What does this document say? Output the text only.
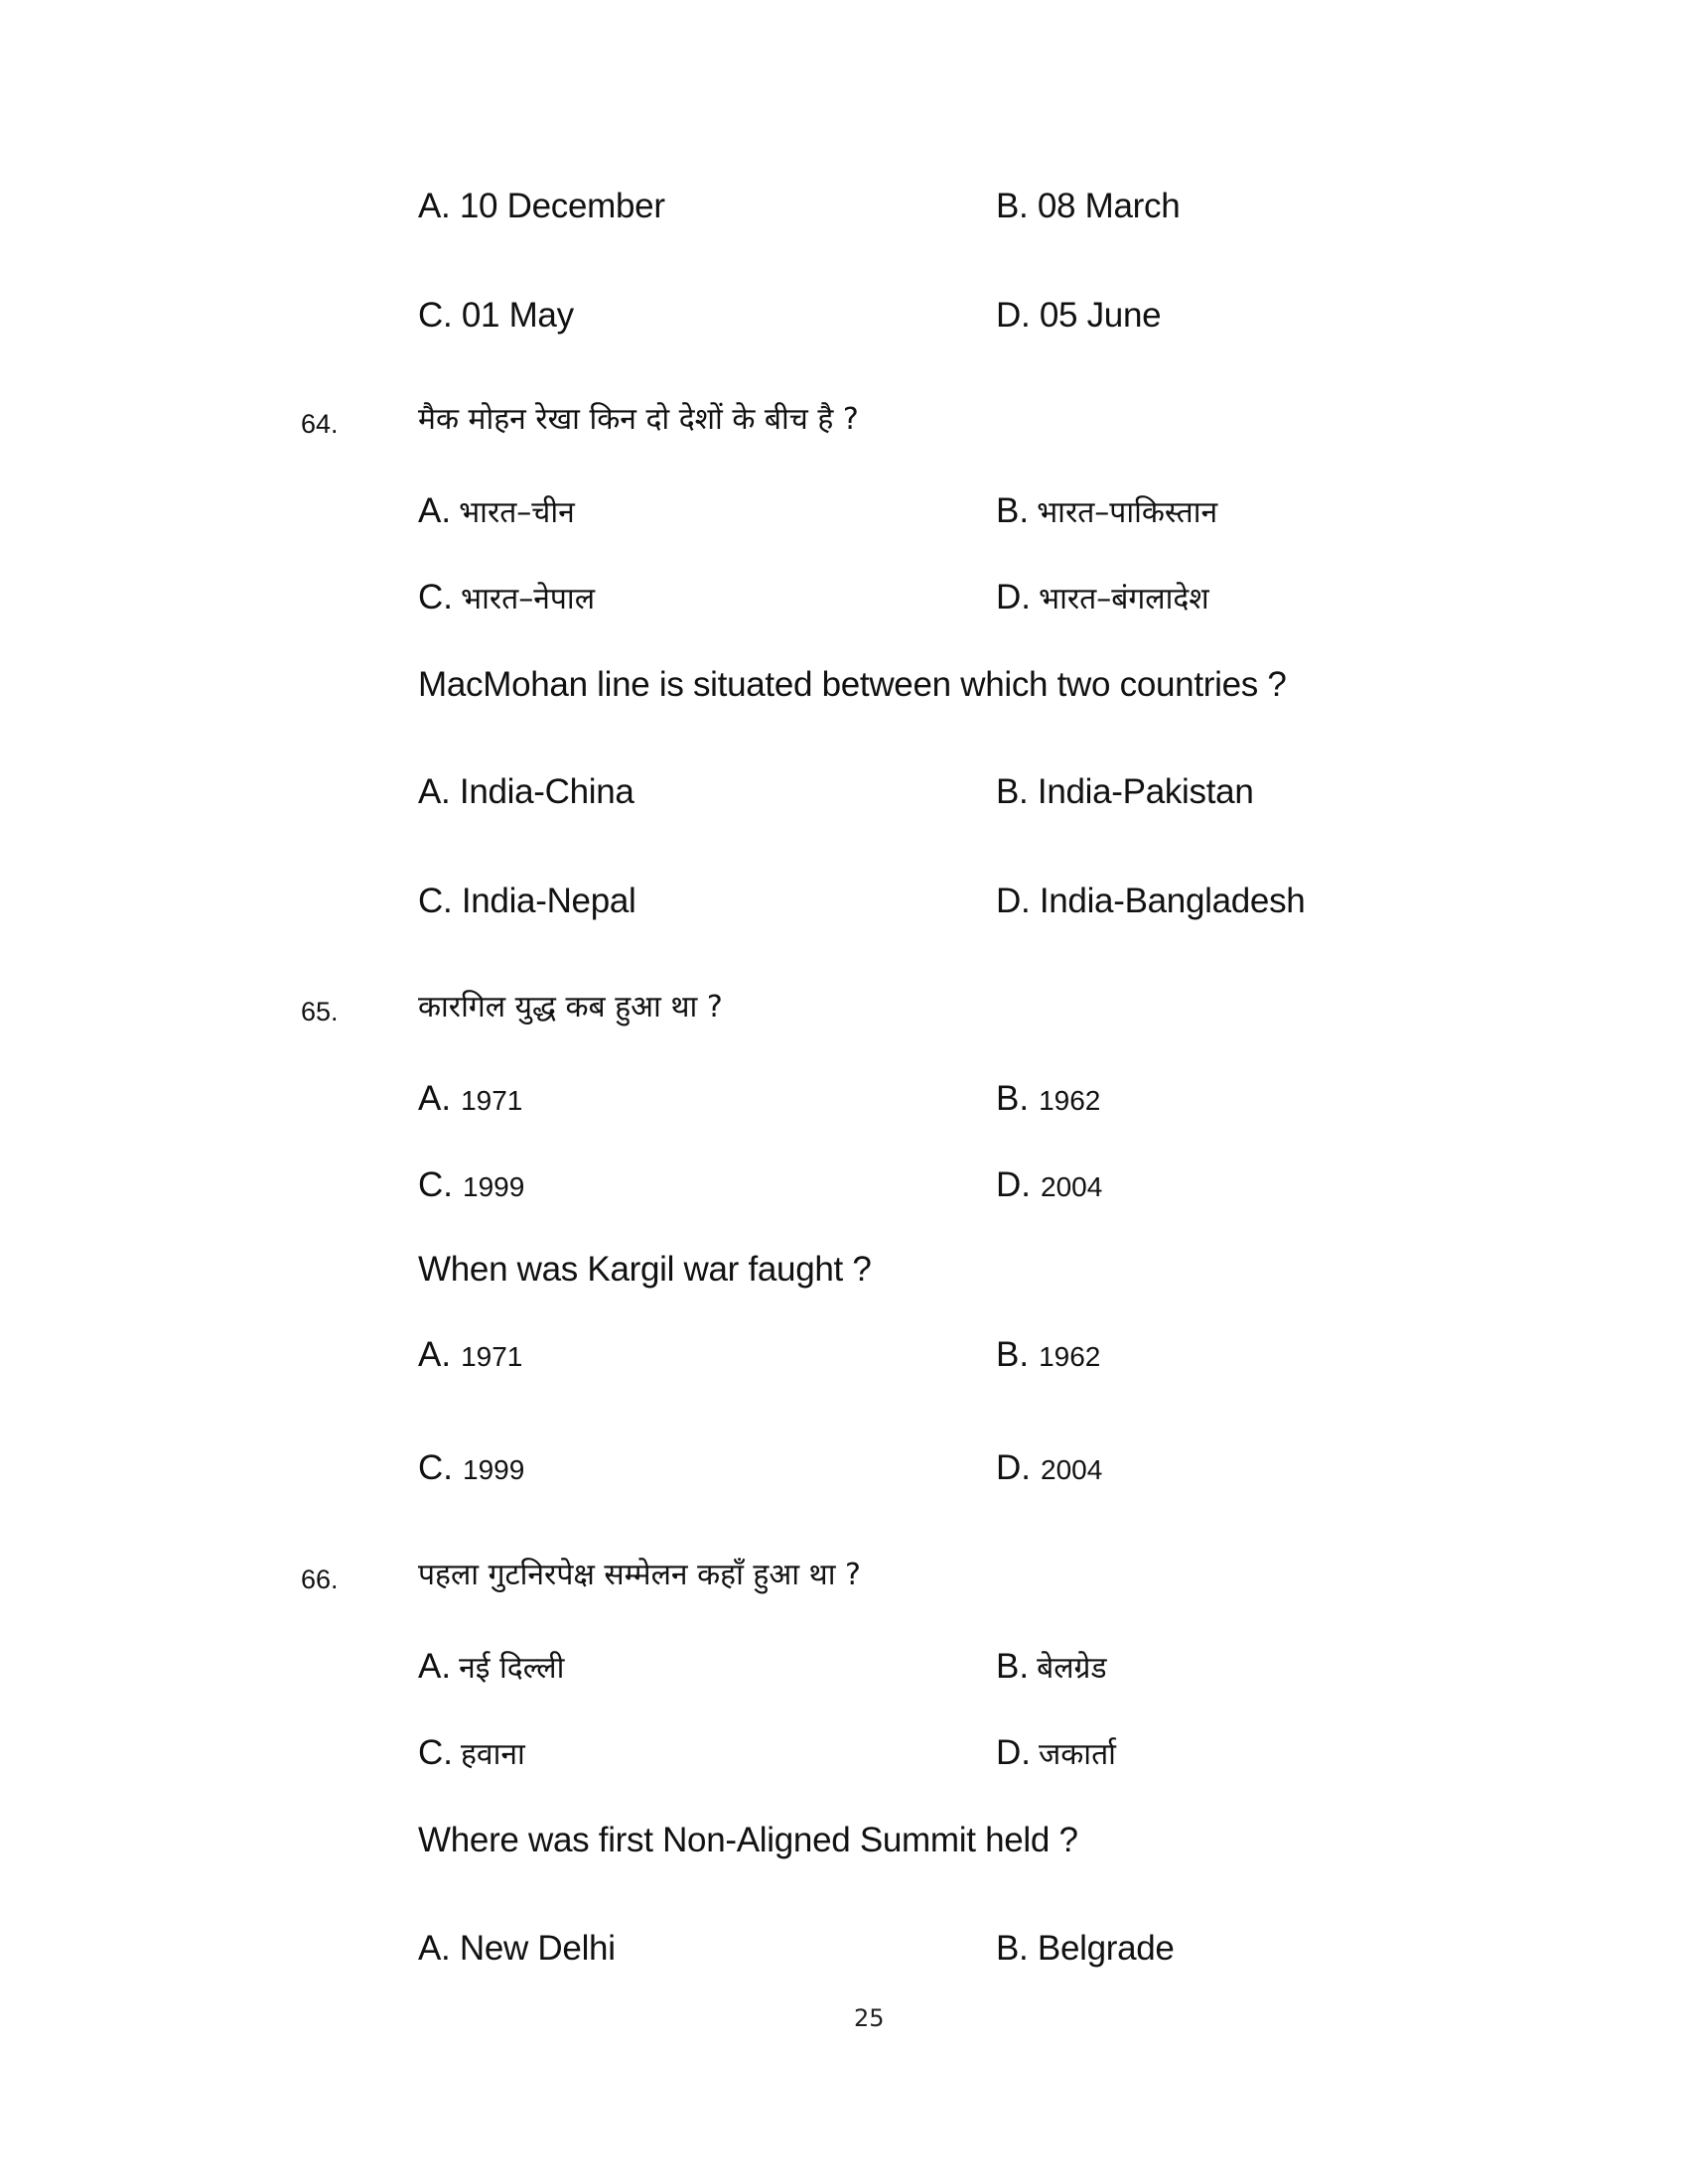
A. 10 December	B. 08 March
C. 01 May	D. 05 June
64.	मैक मोहन रेखा किन दो देशों के बीच है ?
A. भारत–चीन	B. भारत–पाकिस्तान
C. भारत–नेपाल	D. भारत–बंगलादेश
MacMohan line is situated between which two countries ?
A. India-China	B. India-Pakistan
C. India-Nepal	D. India-Bangladesh
65.	कारगिल युद्ध कब हुआ था ?
A. 1971	B. 1962
C. 1999	D. 2004
When was Kargil war faught ?
A. 1971	B. 1962
C. 1999	D. 2004
66.	पहला गुटनिरपेक्ष सम्मेलन कहाँ हुआ था ?
A. नई दिल्ली	B. बेलग्रेड
C. हवाना	D. जकार्ता
Where was first Non-Aligned Summit held ?
A. New Delhi	B. Belgrade
25
